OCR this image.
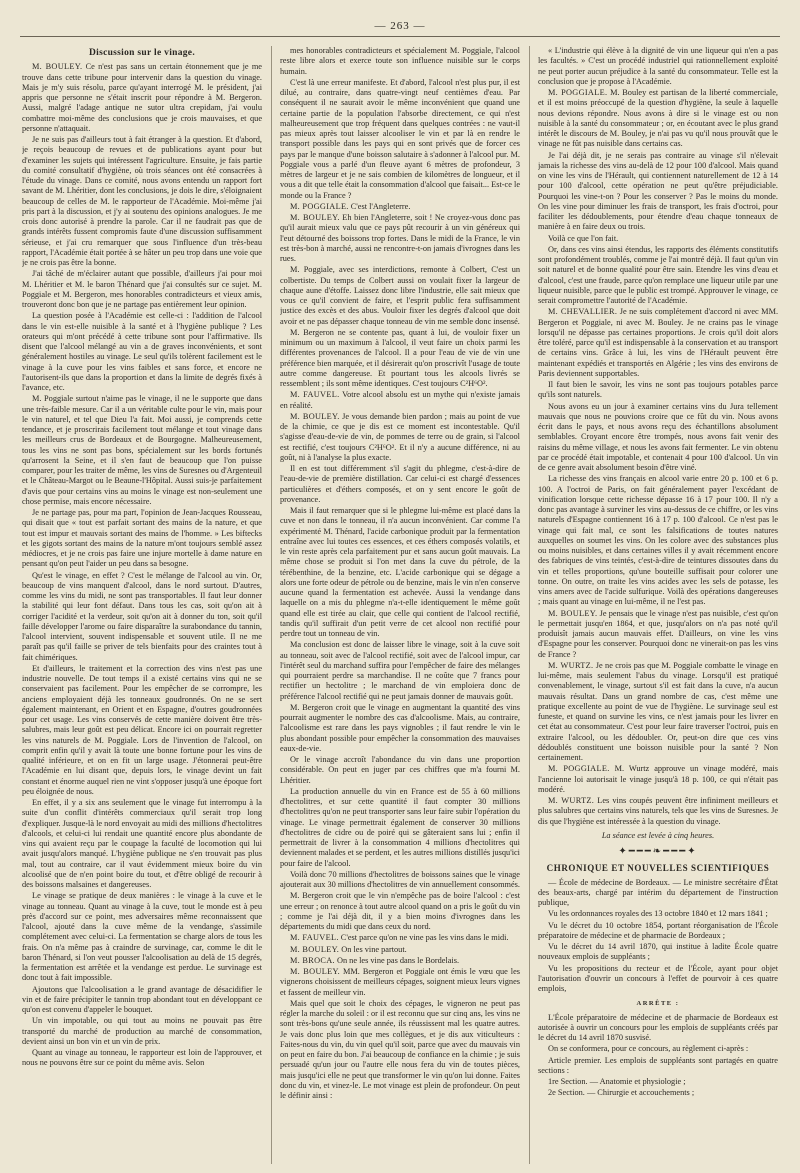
— 263 —
Discussion sur le vinage.

M. BOULEY. Ce n'est pas sans un certain étonnement que je me trouve dans cette tribune pour intervenir dans la question du vinage. Mais je m'y suis résolu, parce qu'ayant interrogé M. le président, j'ai appris que personne ne s'était inscrit pour répondre à M. Bergeron. Aussi, malgré l'adage antique ne sutor ultra crepidam, j'ai voulu combattre moi-même des conclusions que je crois mauvaises, et que personne n'attaquait.

Je ne suis pas d'ailleurs tout à fait étranger à la question. Et d'abord, je reçois beaucoup de revues et de publications ayant pour but d'examiner les sujets qui intéressent l'agriculture. Ensuite, je fais partie du comité consultatif d'hygiène, où trois séances ont été consacrées à l'étude du vinage. Dans ce comité, nous avons entendu un rapport fort savant de M. Lhéritier, dont les conclusions, je dois le dire, s'éloignaient beaucoup de celles de M. le rapporteur de l'Académie. Moi-même j'ai pris part à la discussion, et j'y ai soutenu des opinions analogues. Je me crois donc autorisé à prendre la parole. Car il ne faudrait pas que de grands intérêts fussent compromis faute d'une discussion suffisamment sérieuse, et j'ai cru remarquer que sous l'influence d'un très-beau rapport, l'Académie était portée à se hâter un peu trop dans une voie que je ne crois pas être la bonne.

J'ai tâché de m'éclairer autant que possible, d'ailleurs j'ai pour moi M. Lhéritier et M. le baron Thénard que j'ai consultés sur ce sujet. M. Poggiale et M. Bergeron, mes honorables contradicteurs et vieux amis, trouveront donc bon que je ne partage pas entièrement leur opinion.

La question posée à l'Académie est celle-ci : l'addition de l'alcool dans le vin est-elle nuisible à la santé et à l'hygiène publique ? Les orateurs qui m'ont précédé à cette tribune sont pour l'affirmative. Ils disent que l'alcool mélangé au vin a de graves inconvénients, et sont généralement hostiles au vinage. Le seul qu'ils tolèrent facilement est le vinage à la cuve pour les vins faibles et sans force, et encore ne l'autorisent-ils que dans la proportion et dans la limite de degrés fixés à l'avance, etc.

M. Poggiale surtout n'aime pas le vinage, il ne le supporte que dans une très-faible mesure. Car il a un véritable culte pour le vin, mais pour le vin naturel, et tel que Dieu l'a fait. Moi aussi, je comprends cette tendance, et je proscrirais facilement tout mélange et tout vinage dans les meilleurs crus de Bordeaux et de Bourgogne. Malheureusement, tous les vins ne sont pas bons, spécialement sur les bords fortunés qu'arrosent la Seine, et il s'en faut de beaucoup que l'on puisse comparer, pour les traiter de même, les vins de Suresnes ou d'Argenteuil et le Château-Margot ou le Beaune-l'Hôpital. Aussi suis-je parfaitement d'avis que pour certains vins au moins le vinage est non-seulement une chose permise, mais encore nécessaire.

Je ne partage pas, pour ma part, l'opinion de Jean-Jacques Rousseau, qui disait que « tout est parfait sortant des mains de la nature, et que tout est impur et mauvais sortant des mains de l'homme. » Les biftecks et les gigots sortant des mains de la nature m'ont toujours semblé assez médiocres, et je ne crois pas faire une injure mortelle à dame nature en pensant qu'on peut l'aider un peu dans sa besogne.

Qu'est le vinage, en effet ? C'est le mélange de l'alcool au vin. Or, beaucoup de vins manquent d'alcool, dans le nord surtout. D'autres, comme les vins du midi, ne sont pas transportables. Il faut leur donner la stabilité qui leur font défaut. Dans tous les cas, soit qu'on ait à corriger l'acidité et la verdeur, soit qu'on ait à donner du ton, soit qu'il faille développer l'arome ou faire disparaître la surabondance du tannin, l'alcool intervient, souvent indispensable et souvent utile. Il ne me paraît pas qu'il faille se priver de tels bienfaits pour des craintes tout à fait chimériques.

Et d'ailleurs, le traitement et la correction des vins n'est pas une industrie nouvelle. De tout temps il a existé certains vins qui ne se conservaient pas facilement. Pour les empêcher de se corrompre, les anciens employaient déjà les tonneaux goudronnés. On ne se sert également maintenant, en Orient et en Espagne, d'outres goudronnées pour cet usage. Les vins conservés de cette manière doivent être très-salubres, mais leur goût est peu délicat. Encore ici on pourrait regretter les vins naturels de M. Poggiale. Lors de l'invention de l'alcool, on comprit enfin qu'il y avait là toute une bonne fortune pour les vins de qualité inférieure, et on en fit un large usage. J'étonnerai peut-être l'Académie en lui disant que, depuis lors, le vinage devint un fait constant et énorme auquel rien ne vint s'opposer jusqu'à une époque fort peu éloignée de nous.

En effet, il y a six ans seulement que le vinage fut interrompu à la suite d'un conflit d'intérêts commerciaux qu'il serait trop long d'expliquer. Jusque-là le nord envoyait au midi des millions d'hectolitres d'alcools, et celui-ci lui rendait une quantité encore plus abondante de vins qui avaient reçu par le coupage la faculté de locomotion qui lui avait jusqu'alors manqué. L'hygiène publique ne s'en trouvait pas plus mal, tout au contraire, car il vaut évidemment mieux boire du vin alcoolisé que de n'en point boire du tout, et d'être obligé de recourir à des boissons malsaines et dangereuses.

Le vinage se pratique de deux manières : le vinage à la cuve et le vinage au tonneau. Quant au vinage à la cuve, tout le monde est à peu près d'accord sur ce point, mes adversaires même reconnaissent que l'alcool, ajouté dans la cuve même de la vendange, s'assimile complétement avec celui-ci. La fermentation se charge alors de tous les frais. On n'a même pas à craindre de survinage, car, comme le dit le baron Thénard, si l'on veut pousser l'alcoolisation au delà de 15 degrés, la fermentation est arrêtée et la vendange est perdue. Le survinage est donc tout à fait impossible.

Ajoutons que l'alcoolisation a le grand avantage de désacidifier le vin et de faire précipiter le tannin trop abondant tout en développant ce qu'on est convenu d'appeler le bouquet.

Un vin impotable, ou qui tout au moins ne pouvait pas être transporté du marché de production au marché de consommation, devient ainsi un bon vin et un vin de prix.

Quant au vinage au tonneau, le rapporteur est loin de l'approuver, et nous ne pouvons être sur ce point du même avis. Selon

mes honorables contradicteurs et spécialement M. Poggiale, l'alcool reste libre alors et exerce toute son influence nuisible sur le corps humain.

C'est là une erreur manifeste. Et d'abord, l'alcool n'est plus pur, il est dilué, au contraire, dans quatre-vingt neuf centièmes d'eau. Par conséquent il ne saurait avoir le même inconvénient que quand une certaine partie de la population l'absorbe directement, ce qui n'est malheureusement que trop fréquent dans quelques contrées : ne vaut-il pas mieux après tout laisser alcooliser le vin et par là en rendre le transport possible dans les pays qui en sont privés que de forcer ces pays par le manque d'une boisson salutaire à s'adonner à l'alcool pur. M. Poggiale vous a parlé d'un fleuve ayant 6 mètres de profondeur, 3 mètres de largeur et je ne sais combien de kilomètres de longueur, et il vous a dit que telle était la consommation d'alcool que faisait... Est-ce le monde ou la France ?

M. POGGIALE. C'est l'Angleterre.

M. BOULEY. Eh bien l'Angleterre, soit ! Ne croyez-vous donc pas qu'il aurait mieux valu que ce pays pût recourir à un vin généreux qui l'eut détourné des boissons trop fortes. Dans le midi de la France, le vin est très-bon à marché, aussi ne rencontre-t-on jamais d'ivrognes dans les rues.

M. Poggiale, avec ses interdictions, remonte à Colbert, C'est un colbertiste. Du temps de Colbert aussi on voulait fixer la largeur de chaque aune d'étoffe. Laissez donc libre l'industrie, elle sait mieux que vous ce qu'il convient de faire, et l'esprit public fera suffisamment justice des excès et des abus. Vouloir fixer les degrés d'alcool que doit avoir et ne pas dépasser chaque tonneau de vin me semble donc insensé.

M. Bergeron ne se contente pas, quant à lui, de vouloir fixer un minimum ou un maximum à l'alcool, il veut faire un choix parmi les différentes provenances de l'alcool. Il a pour l'eau de vie de vin une préférence bien marquée, et il désirerait qu'on proscrivît l'usage de toute autre comme dangereuse. Et pourtant tous les alcools livrés se ressemblent ; ils sont même identiques. C'est toujours C²H⁶O².

M. FAUVEL. Votre alcool absolu est un mythe qui n'existe jamais en réalité.

M. BOULEY. Je vous demande bien pardon ; mais au point de vue de la chimie, ce que je dis est ce moment est incontestable. Qu'il s'agisse d'eau-de-vie de vin, de pommes de terre ou de grain, si l'alcool est rectifié, c'est toujours C²H⁶O². Et il n'y a aucune différence, ni au goût, ni à l'analyse la plus exacte.

Il en est tout différemment s'il s'agit du phlegme, c'est-à-dire de l'eau-de-vie de première distillation. Car celui-ci est chargé d'essences particulières et d'éthers composés, et on y sent encore le goût de provenance.

Mais il faut remarquer que si le phlegme lui-même est placé dans la cuve et non dans le tonneau, il n'a aucun inconvénient. Car comme l'a expérimenté M. Thénard, l'acide carbonique produit par la fermentation entraîne avec lui toutes ces essences, et ces éthers composés volatils, et le vin reste après cela parfaitement pur et sans aucun goût mauvais. La même chose se produit si l'on met dans la cuve du pétrole, de la térébenthine, de la benzine, etc. L'acide carbonique qui se dégage a alors une forte odeur de pétrole ou de benzine, mais le vin n'en conserve aucune quand la fermentation est achevée. Aussi la vendange dans laquelle on a mis du phlegme n'a-t-elle identiquement le même goût quand elle est tirée au clair, que celle qui contient de l'alcool rectifié, tandis qu'il suffirait d'un petit verre de cet alcool non rectifié pour perdre tout un tonneau de vin.

Ma conclusion est donc de laisser libre le vinage, soit à la cuve soit au tonneau, soit avec de l'alcool rectifié, soit avec de l'alcool impur, car l'intérêt seul du marchand suffira pour l'empêcher de faire des mélanges qui pourraient perdre sa marchandise. Il ne coûte que 7 francs pour rectifier un hectolitre ; le marchand de vin emploiera donc de préférence l'alcool rectifié qui ne peut jamais donner de mauvais goût.

M. Bergeron croit que le vinage en augmentant la quantité des vins pourrait augmenter le nombre des cas d'alcoolisme. Mais, au contraire, l'alcoolisme est rare dans les pays vignobles ; il faut rendre le vin le plus abondant possible pour empêcher la consommation des mauvaises eaux-de-vie.

Or le vinage accroît l'abondance du vin dans une proportion considérable. On peut en juger par ces chiffres que m'a fourni M. Lhéritier.

La production annuelle du vin en France est de 55 à 60 millions d'hectolitres, et sur cette quantité il faut compter 30 millions d'hectolitres qu'on ne peut transporter sans leur faire subir l'opération du vinage. Le vinage permettrait également de conserver 30 millions d'hectolitres de cidre ou de poiré qui se gâteraient sans lui ; enfin il permettrait de livrer à la consommation 4 millions d'hectolitres qui deviennent malades et se perdent, et les autres millions distillés jusqu'ici pour faire de l'alcool.

Voilà donc 70 millions d'hectolitres de boissons saines que le vinage ajouterait aux 30 millions d'hectolitres de vin annuellement consommés.

M. Bergeron croit que le vin n'empêche pas de boire l'alcool : c'est une erreur ; on renonce à tout autre alcool quand on a pris le goût du vin ; comme je l'ai déjà dit, il y a bien moins d'ivrognes dans les départements du midi que dans ceux du nord.

M. FAUVEL. C'est parce qu'on ne vine pas les vins dans le midi.

M. BOULEY. On les vine partout.

M. BROCA. On ne les vine pas dans le Bordelais.

M. BOULEY. MM. Bergeron et Poggiale ont émis le vœu que les vignerons choisissent de meilleurs cépages, soignent mieux leurs vignes et fassent de meilleur vin.

Mais quel que soit le choix des cépages, le vigneron ne peut pas régler la marche du soleil : or il est reconnu que sur cinq ans, les vins ne sont très-bons qu'une seule année, ils réussissent mal les quatre autres. Je vais donc plus loin que mes collègues, et je dis aux viticulteurs : Faites-nous du vin, du vin quel qu'il soit, parce que avec du mauvais vin on peut en faire du bon. J'ai beaucoup de confiance en la chimie ; je suis persuadé qu'un jour ou l'autre elle nous fera du vin de toutes pièces, mais jusqu'ici elle ne peut que transformer le vin qu'on lui donne. Faites donc du vin, et vinez-le. Le mot vinage est plein de profondeur. On peut le définir ainsi :

« L'industrie qui élève à la dignité de vin une liqueur qui n'en a pas les facultés. » C'est un procédé industriel qui rationnellement exploité ne peut porter aucun préjudice à la santé du consommateur. Telle est la conclusion que je propose à l'Académie.

M. POGGIALE. M. Bouley est partisan de la liberté commerciale, et il est moins préoccupé de la question d'hygiène, la seule à laquelle nous devions répondre. Nous avons à dire si le vinage est ou non nuisible à la santé du consommateur ; or, en écoutant avec le plus grand intérêt le discours de M. Bouley, je n'ai pas vu qu'il nous prouvât que le vinage ne fût pas nuisible dans certains cas.

Je l'ai déjà dit, je ne serais pas contraire au vinage s'il n'élevait jamais la richesse des vins au-delà de 12 pour 100 d'alcool. Mais quand on vine les vins de l'Hérault, qui contiennent naturellement de 12 à 14 pour 100 d'alcool, cette opération ne peut qu'être préjudiciable. Pourquoi les vine-t-on ? Pour les conserver ? Pas le moins du monde. On les vine pour diminuer les frais de transport, les frais d'octroi, pour faciliter les dédoublements, pour étendre d'eau chaque tonneaux de manière à en faire deux ou trois.

Voilà ce que l'on fait.

Or, dans ces vins ainsi étendus, les rapports des éléments constitutifs sont profondément troublés, comme je l'ai montré déjà. Il faut qu'un vin soit naturel et de bonne qualité pour être sain. Etendre les vins d'eau et d'alcool, c'est une fraude, parce qu'on remplace une liqueur utile par une liqueur nuisible, parce que le public est trompé. Approuver le vinage, ce serait compromettre l'autorité de l'Académie.

M. CHEVALLIER. Je ne suis complétement d'accord ni avec MM. Bergeron et Poggiale, ni avec M. Bouley. Je ne crains pas le vinage lorsqu'il ne dépasse pas certaines proportions. Je crois qu'il doit alors être toléré, parce qu'il est indispensable à la conservation et au transport de certains vins. Grâce à lui, les vins de l'Hérault peuvent être maintenant expédiés et transportés en Algérie ; les vins des environs de Paris deviennent supportables.

Il faut bien le savoir, les vins ne sont pas toujours potables parce qu'ils sont naturels.

Nous avons eu un jour à examiner certains vins du Jura tellement mauvais que nous ne pouvions croire que ce fût du vin. Nous avons écrit dans le pays, et nous avons reçu des échantillons absolument semblables. Croyant encore être trompés, nous avons fait venir des raisins du même village, et nous les avons fait fermenter. Le vin obtenu par ce procédé était impotable, et contenait 4 pour 100 d'alcool. Un vin de ce genre avait absolument besoin d'être viné.

La richesse des vins français en alcool varie entre 20 p. 100 et 6 p. 100. A l'octroi de Paris, on fait généralement payer l'excédant de vinification lorsque cette richesse dépasse 16 à 17 pour 100. Il n'y a donc pas avantage à surviner les vins au-dessus de ce chiffre, or les vins naturels d'Espagne contiennent 16 à 17 p. 100 d'alcool. Ce n'est pas le vinage qui fait mal, ce sont les falsifications de toutes natures auxquelles on soumet les vins. On les colore avec des substances plus ou moins nuisibles, et dans certaines villes il y avait récemment encore des fabriques de vins teintés, c'est-à-dire de teintures dissoutes dans du vin et telles proportions, qu'une bouteille suffisait pour colorer une tonne. On outre, on traite les vins acides avec les sels de potasse, les vins amers avec de l'acide sulfurique. Voilà des opérations dangereuses ; mais quant au vinage en lui-même, il ne l'est pas.

M. BOULEY. Je pensais que le vinage n'est pas nuisible, c'est qu'on le permettait jusqu'en 1864, et que, jusqu'alors on n'a pas noté qu'il produisît jamais aucun mauvais effet. D'ailleurs, on vine les vins d'Espagne pour les conserver. Pourquoi donc ne vinerait-on pas les vins de France ?

M. WURTZ. Je ne crois pas que M. Poggiale combatte le vinage en lui-même, mais seulement l'abus du vinage. Lorsqu'il est pratiqué convenablement, le vinage, surtout s'il est fait dans la cuve, n'a aucun mauvais résultat. Dans un grand nombre de cas, c'est même une pratique excellente au point de vue de l'hygiène. Le survinage seul est funeste, et quand on survine les vins, ce n'est jamais pour les livrer en cet état au consommateur. C'est pour leur faire traverser l'octroi, puis en extraire l'alcool, ou les dédoubler. Or, peut-on dire que ces vins dédoublés constituent une boisson nuisible pour la santé ? Non certainement.

M. POGGIALE. M. Wurtz approuve un vinage modéré, mais l'ancienne loi autorisait le vinage jusqu'à 18 p. 100, ce qui n'était pas modéré.

M. WURTZ. Les vins coupés peuvent être infiniment meilleurs et plus salubres que certains vins naturels, tels que les vins de Suresnes. Je dis que l'hygiène est intéressée à la question du vinage.

La séance est levée à cinq heures.
✦━━━❧━━━✦
CHRONIQUE ET NOUVELLES SCIENTIFIQUES

— École de médecine de Bordeaux. — Le ministre secrétaire d'État des beaux-arts, chargé par intérim du département de l'instruction publique,

Vu les ordonnances royales des 13 octobre 1840 et 12 mars 1841 ;

Vu le décret du 10 octobre 1854, portant réorganisation de l'École préparatoire de médecine et de pharmacie de Bordeaux ;

Vu le décret du 14 avril 1870, qui institue à ladite École quatre nouveaux emplois de suppléants ;

Vu les propositions du recteur et de l'École, ayant pour objet l'autorisation d'ouvrir un concours à l'effet de pourvoir à ces quatre emplois,

ARRÊTE :

L'École préparatoire de médecine et de pharmacie de Bordeaux est autorisée à ouvrir un concours pour les emplois de suppléants créés par le décret du 14 avril 1870 susvisé.

On se conformera, pour ce concours, au règlement ci-après :

Article premier. Les emplois de suppléants sont partagés en quatre sections :

1re Section. — Anatomie et physiologie ;

2e Section. — Chirurgie et accouchements ;
